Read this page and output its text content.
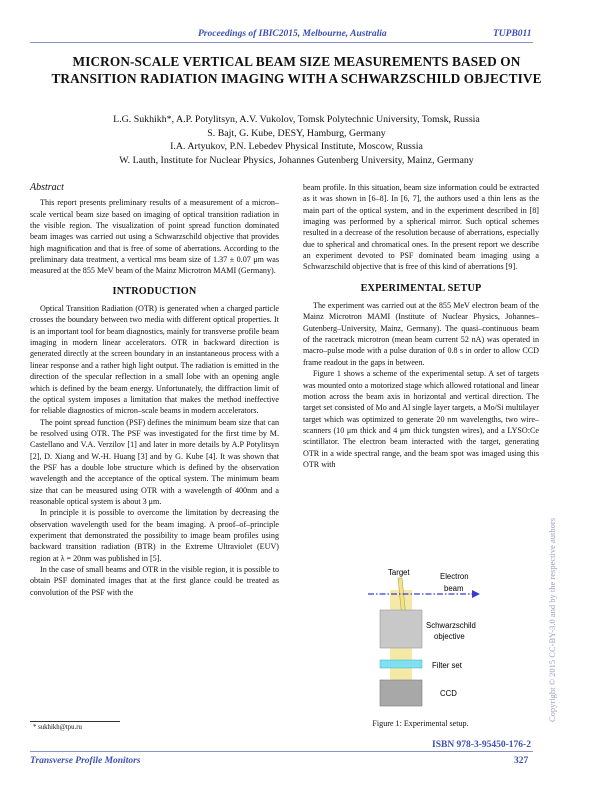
Proceedings of IBIC2015, Melbourne, Australia	TUPB011
MICRON-SCALE VERTICAL BEAM SIZE MEASUREMENTS BASED ON TRANSITION RADIATION IMAGING WITH A SCHWARZSCHILD OBJECTIVE
L.G. Sukhikh*, A.P. Potylitsyn, A.V. Vukolov, Tomsk Polytechnic University, Tomsk, Russia
S. Bajt, G. Kube, DESY, Hamburg, Germany
I.A. Artyukov, P.N. Lebedev Physical Institute, Moscow, Russia
W. Lauth, Institute for Nuclear Physics, Johannes Gutenberg University, Mainz, Germany
Abstract

This report presents preliminary results of a measurement of a micron–scale vertical beam size based on imaging of optical transition radiation in the visible region. The visualization of point spread function dominated beam images was carried out using a Schwarzschild objective that provides high magnification and that is free of some of aberrations. According to the preliminary data treatment, a vertical rms beam size of 1.37 ± 0.07 μm was measured at the 855 MeV beam of the Mainz Microtron MAMI (Germany).

INTRODUCTION

Optical Transition Radiation (OTR) is generated when a charged particle crosses the boundary between two media with different optical properties. It is an important tool for beam diagnostics, mainly for transverse profile beam imaging in modern linear accelerators. OTR in backward direction is generated directly at the screen boundary in an instantaneous process with a linear response and a rather high light output. The radiation is emitted in the direction of the specular reflection in a small lobe with an opening angle which is defined by the beam energy. Unfortunately, the diffraction limit of the optical system imposes a limitation that makes the method ineffective for reliable diagnostics of micron–scale beams in modern accelerators.

The point spread function (PSF) defines the minimum beam size that can be resolved using OTR. The PSF was investigated for the first time by M. Castellano and V.A. Verzilov [1] and later in more details by A.P Potylitsyn [2], D. Xiang and W.-H. Huang [3] and by G. Kube [4]. It was shown that the PSF has a double lobe structure which is defined by the observation wavelength and the acceptance of the optical system. The minimum beam size that can be measured using OTR with a wavelength of 400nm and a reasonable optical system is about 3 μm.

In principle it is possible to overcome the limitation by decreasing the observation wavelength used for the beam imaging. A proof–of–principle experiment that demonstrated the possibility to image beam profiles using backward transition radiation (BTR) in the Extreme Ultraviolet (EUV) region at λ = 20nm was published in [5].

In the case of small beams and OTR in the visible region, it is possible to obtain PSF dominated images that at the first glance could be treated as convolution of the PSF with the

beam profile. In this situation, beam size information could be extracted as it was shown in [6–8]. In [6, 7], the authors used a thin lens as the main part of the optical system, and in the experiment described in [8] imaging was performed by a spherical mirror. Such optical schemes resulted in a decrease of the resolution because of aberrations, especially due to spherical and chromatical ones. In the present report we describe an experiment devoted to PSF dominated beam imaging using a Schwarzschild objective that is free of this kind of aberrations [9].

EXPERIMENTAL SETUP

The experiment was carried out at the 855 MeV electron beam of the Mainz Microtron MAMI (Institute of Nuclear Physics, Johannes–Gutenberg–University, Mainz, Germany). The quasi–continuous beam of the racetrack microtron (mean beam current 52 nA) was operated in macro–pulse mode with a pulse duration of 0.8 s in order to allow CCD frame readout in the gaps in between.

Figure 1 shows a scheme of the experimental setup. A set of targets was mounted onto a motorized stage which allowed rotational and linear motion across the beam axis in horizontal and vertical direction. The target set consisted of Mo and Al single layer targets, a Mo/Si multilayer target which was optimized to generate 20 nm wavelengths, two wire–scanners (10 μm thick and 4 μm thick tungsten wires), and a LYSO:Ce scintillator. The electron beam interacted with the target, generating OTR in a wide spectral range, and the beam spot was imaged using this OTR with

Target	Electron
beam
Schwarzschild
objective
Filter set
CCD
Figure 1: Experimental setup.
* sukhikh@tpu.ru
ISBN 978-3-95450-176-2
Transverse Profile Monitors	327
Copyright © 2015 CC-BY-3.0 and by the respective authors
